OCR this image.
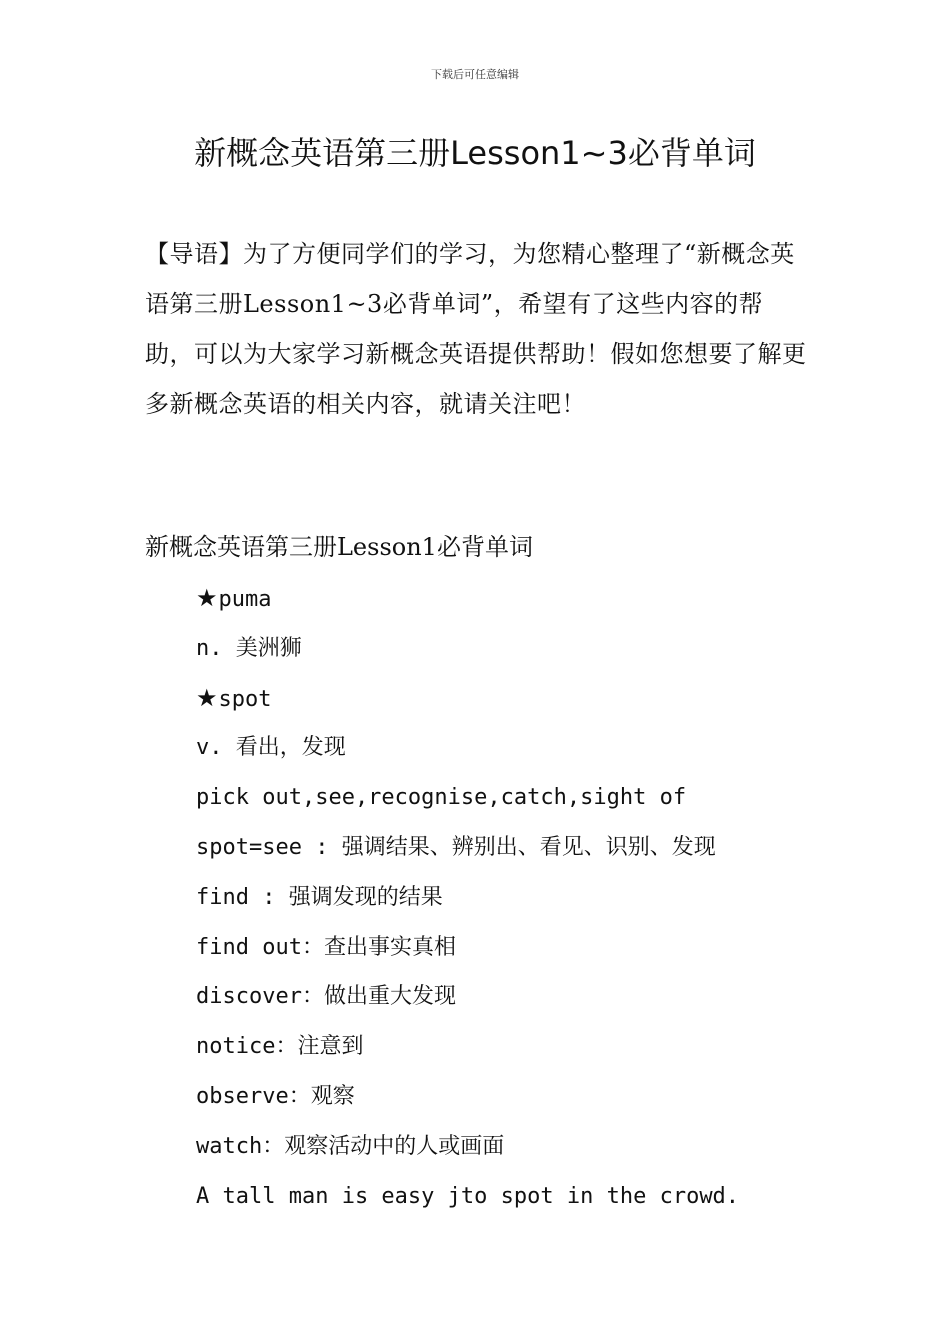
下载后可任意编辑
新概念英语第三册Lesson1~3必背单词

【导语】为了方便同学们的学习，为您精心整理了“新概念英语第三册Lesson1~3必背单词”，希望有了这些内容的帮助，可以为大家学习新概念英语提供帮助！假如您想要了解更多新概念英语的相关内容，就请关注吧！

新概念英语第三册Lesson1必背单词

★puma
n. 美洲狮
★spot
v. 看出，发现
pick out,see,recognise,catch,sight of
spot=see : 强调结果、辨别出、看见、识别、发现
find : 强调发现的结果
find out：查出事实真相
discover：做出重大发现
notice：注意到
observe：观察
watch：观察活动中的人或画面
A tall man is easy jto spot in the crowd.
